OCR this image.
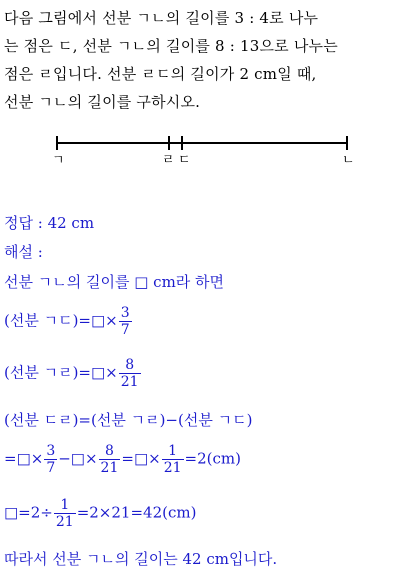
다음 그림에서 선분 ㄱㄴ의 길이를 3 : 4로 나누
는 점은 ㄷ, 선분 ㄱㄴ의 길이를 8 : 13으로 나누는
점은 ㄹ입니다. 선분 ㄹㄷ의 길이가 2 cm일 때,
선분 ㄱㄴ의 길이를 구하시오.
ㄱ	ㄹ ㄷ	ㄴ
정답 : 42 cm
해설 :
선분 ㄱㄴ의 길이를 □ cm라 하면
(선분 ㄱㄷ)=□× $\frac{3}{7}$
(선분 ㄱㄹ)=□× $\frac{8}{21}$
(선분 ㄷㄹ)=(선분 ㄱㄹ)−(선분 ㄱㄷ)
=□× $\frac{3}{7}$ −□× $\frac{8}{21}$ =□× $\frac{1}{21} =2(cm)$
□=2÷ $\frac{1}{21} =2\times 21=42(cm)$
따라서 선분 ㄱㄴ의 길이는 42 cm입니다.
